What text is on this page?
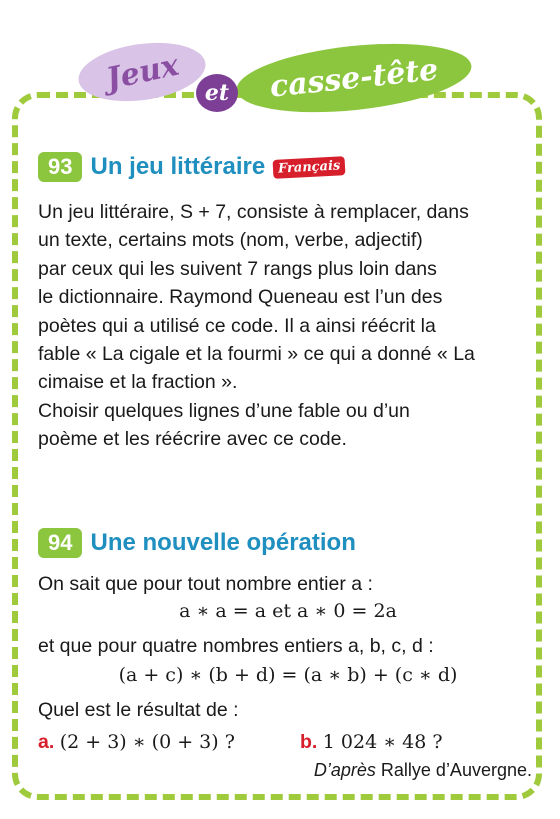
Jeux	casse-tête
et
93 Un jeu littéraire Français
Un jeu littéraire, S + 7, consiste à remplacer, dans
un texte, certains mots (nom, verbe, adjectif)
par ceux qui les suivent 7 rangs plus loin dans
le dictionnaire. Raymond Queneau est l’un des
poètes qui a utilisé ce code. Il a ainsi réécrit la
fable « La cigale et la fourmi » ce qui a donné « La
cimaise et la fraction ».
Choisir quelques lignes d’une fable ou d’un
poème et les réécrire avec ce code.
94 Une nouvelle opération
On sait que pour tout nombre entier a :
a ∗ a = a et a ∗ 0 = 2a
et que pour quatre nombres entiers a, b, c, d :
(a + c) ∗ (b + d) = (a ∗ b) + (c ∗ d)
Quel est le résultat de :
a. (2 + 3) ∗ (0 + 3) ?	b. 1 024 ∗ 48 ?
D’après Rallye d’Auvergne.
